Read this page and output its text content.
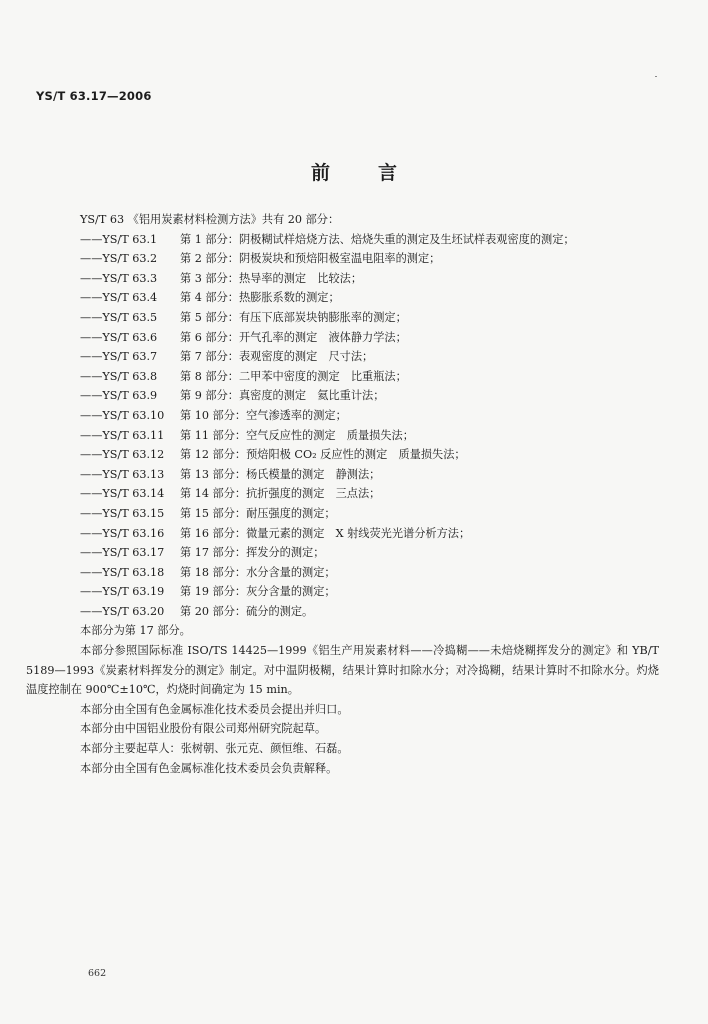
YS/T 63.17—2006
前言
YS/T 63 《铝用炭素材料检测方法》共有 20 部分：
——YS/T 63.1 第 1 部分：阴极糊试样焙烧方法、焙烧失重的测定及生坯试样表观密度的测定；
——YS/T 63.2 第 2 部分：阴极炭块和预焙阳极室温电阻率的测定；
——YS/T 63.3 第 3 部分：热导率的测定　比较法；
——YS/T 63.4 第 4 部分：热膨胀系数的测定；
——YS/T 63.5 第 5 部分：有压下底部炭块钠膨胀率的测定；
——YS/T 63.6 第 6 部分：开气孔率的测定　液体静力学法；
——YS/T 63.7 第 7 部分：表观密度的测定　尺寸法；
——YS/T 63.8 第 8 部分：二甲苯中密度的测定　比重瓶法；
——YS/T 63.9 第 9 部分：真密度的测定　氦比重计法；
——YS/T 63.10 第 10 部分：空气渗透率的测定；
——YS/T 63.11 第 11 部分：空气反应性的测定　质量损失法；
——YS/T 63.12 第 12 部分：预焙阳极 CO₂ 反应性的测定　质量损失法；
——YS/T 63.13 第 13 部分：杨氏模量的测定　静测法；
——YS/T 63.14 第 14 部分：抗折强度的测定　三点法；
——YS/T 63.15 第 15 部分：耐压强度的测定；
——YS/T 63.16 第 16 部分：微量元素的测定　X 射线荧光光谱分析方法；
——YS/T 63.17 第 17 部分：挥发分的测定；
——YS/T 63.18 第 18 部分：水分含量的测定；
——YS/T 63.19 第 19 部分：灰分含量的测定；
——YS/T 63.20 第 20 部分：硫分的测定。
本部分为第 17 部分。
本部分参照国际标准 ISO/TS 14425—1999《铝生产用炭素材料——冷捣糊——未焙烧糊挥发分的测定》和 YB/T 5189—1993《炭素材料挥发分的测定》制定。对中温阴极糊，结果计算时扣除水分；对冷捣糊，结果计算时不扣除水分。灼烧温度控制在 900℃±10℃，灼烧时间确定为 15 min。
本部分由全国有色金属标准化技术委员会提出并归口。
本部分由中国铝业股份有限公司郑州研究院起草。
本部分主要起草人：张树朝、张元克、颜恒维、石磊。
本部分由全国有色金属标准化技术委员会负责解释。
662
